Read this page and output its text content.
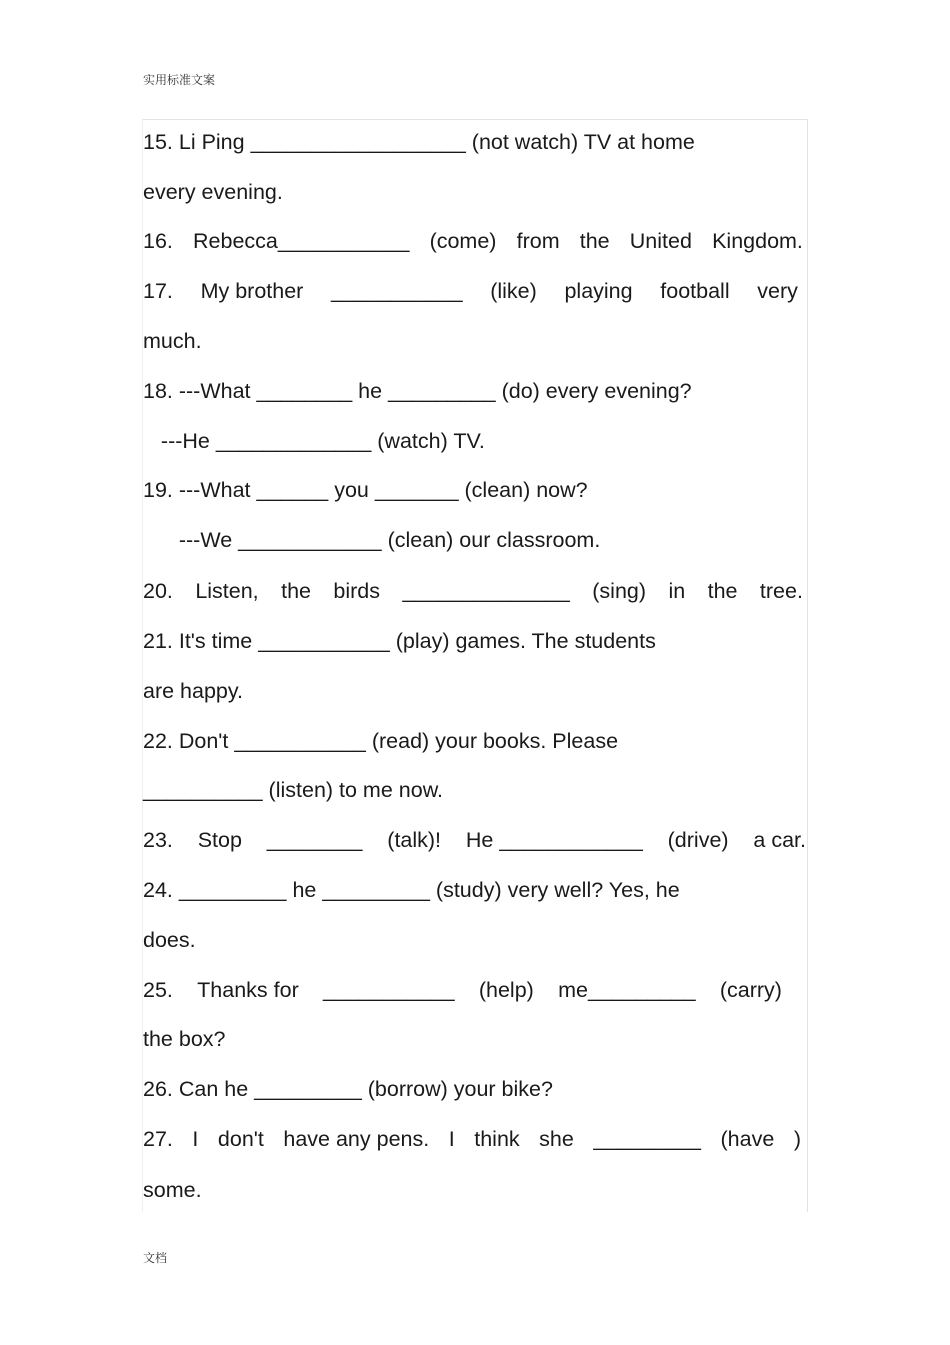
实用标准文案
15. Li Ping __________________ (not watch) TV at home
every evening.
16. Rebecca___________ (come) from the United Kingdom.
17. My brother ___________ (like) playing football very
much.
18. ---What ________ he _________ (do) every evening?
---He _____________ (watch) TV.
19. ---What ______ you _______ (clean) now?
---We ____________ (clean) our classroom.
20. Listen, the birds ______________ (sing) in the tree.
21. It's time ___________ (play) games. The students
are happy.
22. Don't ___________ (read) your books. Please
__________ (listen) to me now.
23. Stop ________ (talk)! He ____________ (drive) a car.
24. _________ he _________ (study) very well? Yes, he
does.
25. Thanks for ___________ (help) me_________ (carry)
the box?
26. Can he _________ (borrow) your bike?
27. I don't have any pens. I think she _________ (have )
some.
文档
